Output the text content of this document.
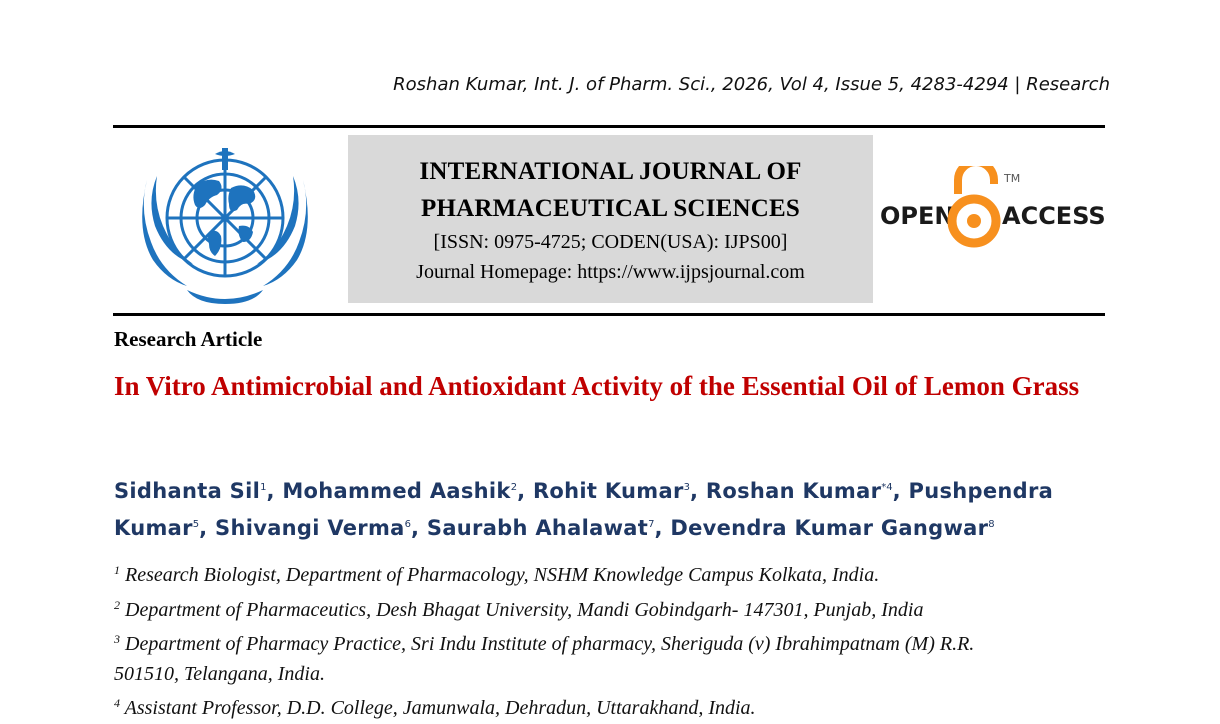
Roshan Kumar, Int. J. of Pharm. Sci., 2026, Vol 4, Issue 5, 4283-4294 | Research
INTERNATIONAL JOURNAL OF
PHARMACEUTICAL SCIENCES
[ISSN: 0975-4725; CODEN(USA): IJPS00]
Journal Homepage: https://www.ijpsjournal.com
OPEN ACCESS
TM
Research Article
In Vitro Antimicrobial and Antioxidant Activity of the Essential Oil of Lemon Grass
Sidhanta Sil$^1$, Mohammed Aashik$^2$, Rohit Kumar$^3$, Roshan Kumar$^{*4}$, Pushpendra Kumar$^5$, Shivangi Verma$^6$, Saurabh Ahalawat$^7$, Devendra Kumar Gangwar$^8$
$^1$ Research Biologist, Department of Pharmacology, NSHM Knowledge Campus Kolkata, India.
$^2$ Department of Pharmaceutics, Desh Bhagat University, Mandi Gobindgarh- 147301, Punjab, India
$^3$ Department of Pharmacy Practice, Sri Indu Institute of pharmacy, Sheriguda (v) Ibrahimpatnam (M) R.R.
501510, Telangana, India.
$^4$ Assistant Professor, D.D. College, Jamunwala, Dehradun, Uttarakhand, India.
